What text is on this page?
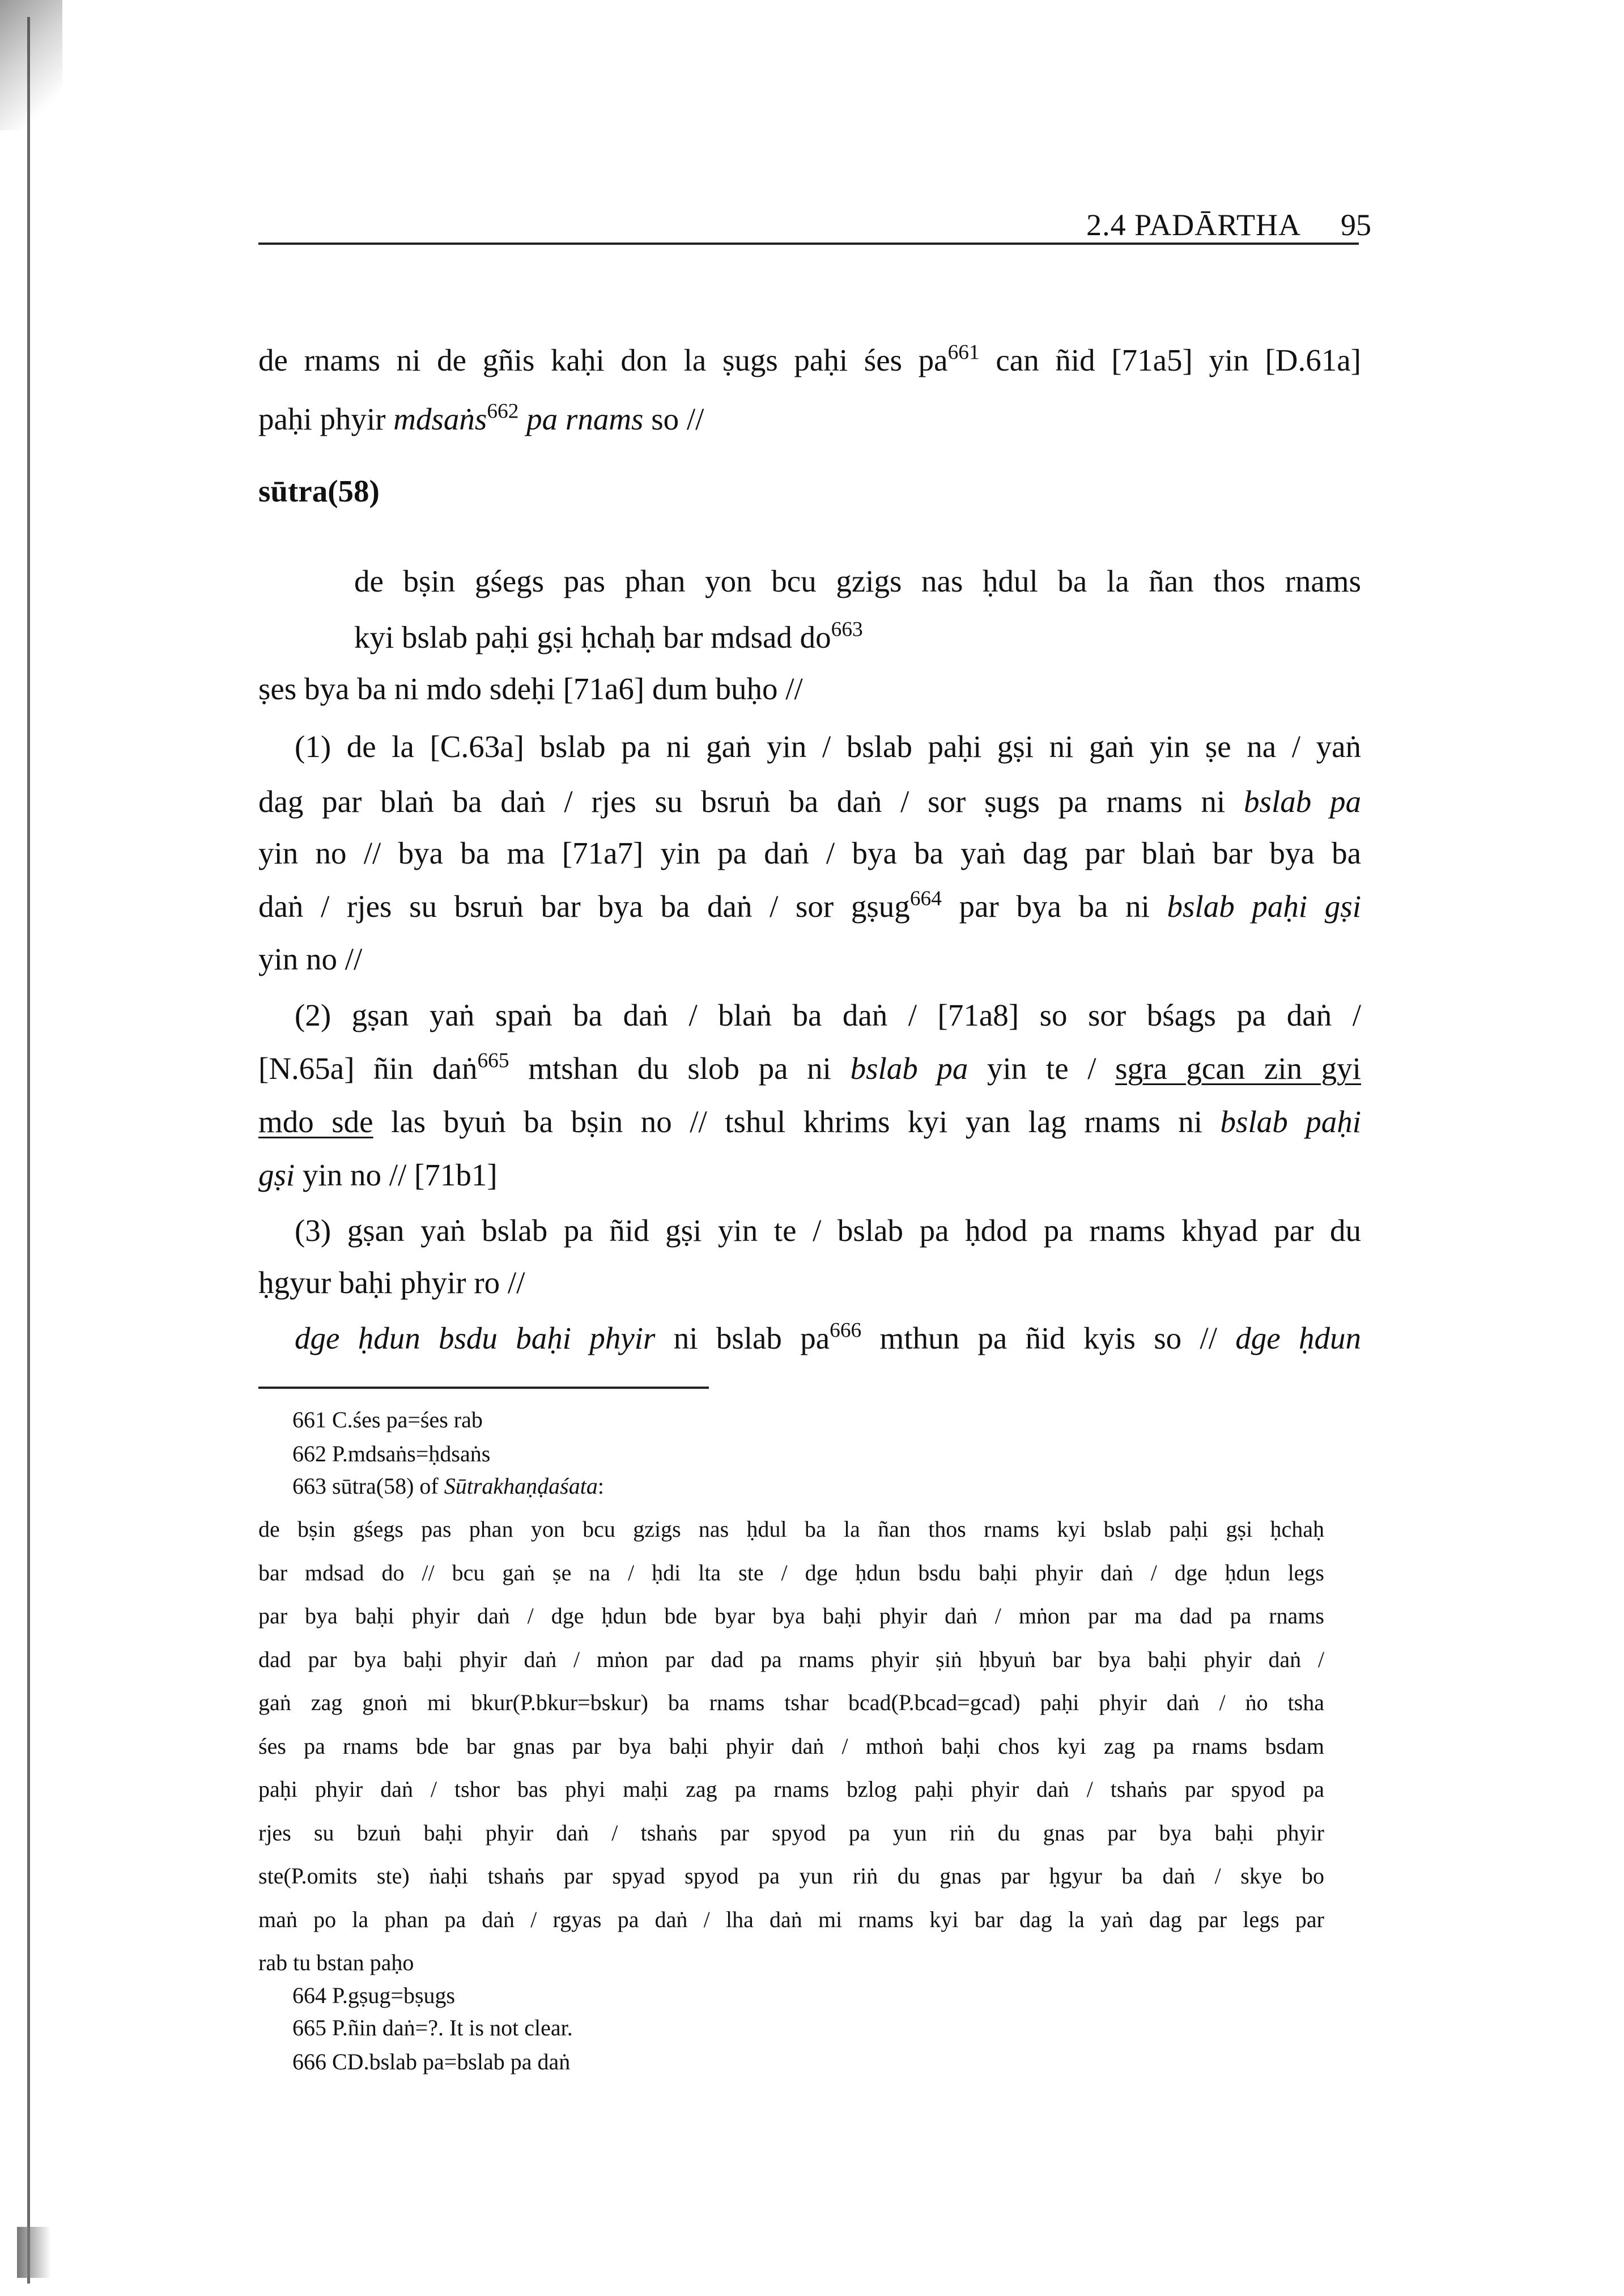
2.4 PADĀRTHA 95
de rnams ni de gñis kaḥi don la ṣugs paḥi śes $pa^{661}$ can ñid [71a5] yin [D.61a]
paḥi phyir mdsaṅs$^{662}$ pa rnams so //
sūtra(58)
de bṣin gśegs pas phan yon bcu gzigs nas ḥdul ba la ñan thos rnams
kyi bslab paḥi gṣi ḥchaḥ bar mdsad $do^{663}$
ṣes bya ba ni mdo sdeḥi [71a6] dum buḥo //
(1) de la [C.63a] bslab pa ni gaṅ yin / bslab paḥi gṣi ni gaṅ yin ṣe na / yaṅ
dag par blaṅ ba daṅ / rjes su bsruṅ ba daṅ / sor ṣugs pa rnams ni bslab pa
yin no // bya ba ma [71a7] yin pa daṅ / bya ba yaṅ dag par blaṅ bar bya ba
daṅ / rjes su bsruṅ bar bya ba daṅ / sor gṣug$^{664}$ par bya ba ni bslab paḥi gṣi
yin no //
(2) gṣan yaṅ spaṅ ba daṅ / blaṅ ba daṅ / [71a8] so sor bśags pa daṅ /
[N.65a] ñin daṅ$^{665}$ mtshan du slob pa ni bslab pa yin te / sgra gcan zin gyi
mdo sde las byuṅ ba bṣin no // tshul khrims kyi yan lag rnams ni bslab paḥi
gṣi yin no // [71b1]
(3) gṣan yaṅ bslab pa ñid gṣi yin te / bslab pa ḥdod pa rnams khyad par du
ḥgyur baḥi phyir ro //
dge ḥdun bsdu baḥi phyir ni bslab $pa^{666}$ mthun pa ñid kyis so // dge ḥdun
661 C.śes pa=śes rab
662 P.mdsaṅs=ḥdsaṅs
663 sūtra(58) of Sūtrakhaṇḍaśata:
de bṣin gśegs pas phan yon bcu gzigs nas ḥdul ba la ñan thos rnams kyi bslab paḥi gṣi ḥchaḥ
bar mdsad do // bcu gaṅ ṣe na / ḥdi lta ste / dge ḥdun bsdu baḥi phyir daṅ / dge ḥdun legs
par bya baḥi phyir daṅ / dge ḥdun bde byar bya baḥi phyir daṅ / mṅon par ma dad pa rnams
dad par bya baḥi phyir daṅ / mṅon par dad pa rnams phyir ṣiṅ ḥbyuṅ bar bya baḥi phyir daṅ /
gaṅ zag gnoṅ mi bkur(P.bkur=bskur) ba rnams tshar bcad(P.bcad=gcad) paḥi phyir daṅ / ṅo tsha
śes pa rnams bde bar gnas par bya baḥi phyir daṅ / mthoṅ baḥi chos kyi zag pa rnams bsdam
paḥi phyir daṅ / tshor bas phyi maḥi zag pa rnams bzlog paḥi phyir daṅ / tshaṅs par spyod pa
rjes su bzuṅ baḥi phyir daṅ / tshaṅs par spyod pa yun riṅ du gnas par bya baḥi phyir
ste(P.omits ste) ṅaḥi tshaṅs par spyad spyod pa yun riṅ du gnas par ḥgyur ba daṅ / skye bo
maṅ po la phan pa daṅ / rgyas pa daṅ / lha daṅ mi rnams kyi bar dag la yaṅ dag par legs par
rab tu bstan paḥo
664 P.gṣug=bṣugs
665 P.ñin daṅ=?. It is not clear.
666 CD.bslab pa=bslab pa daṅ
